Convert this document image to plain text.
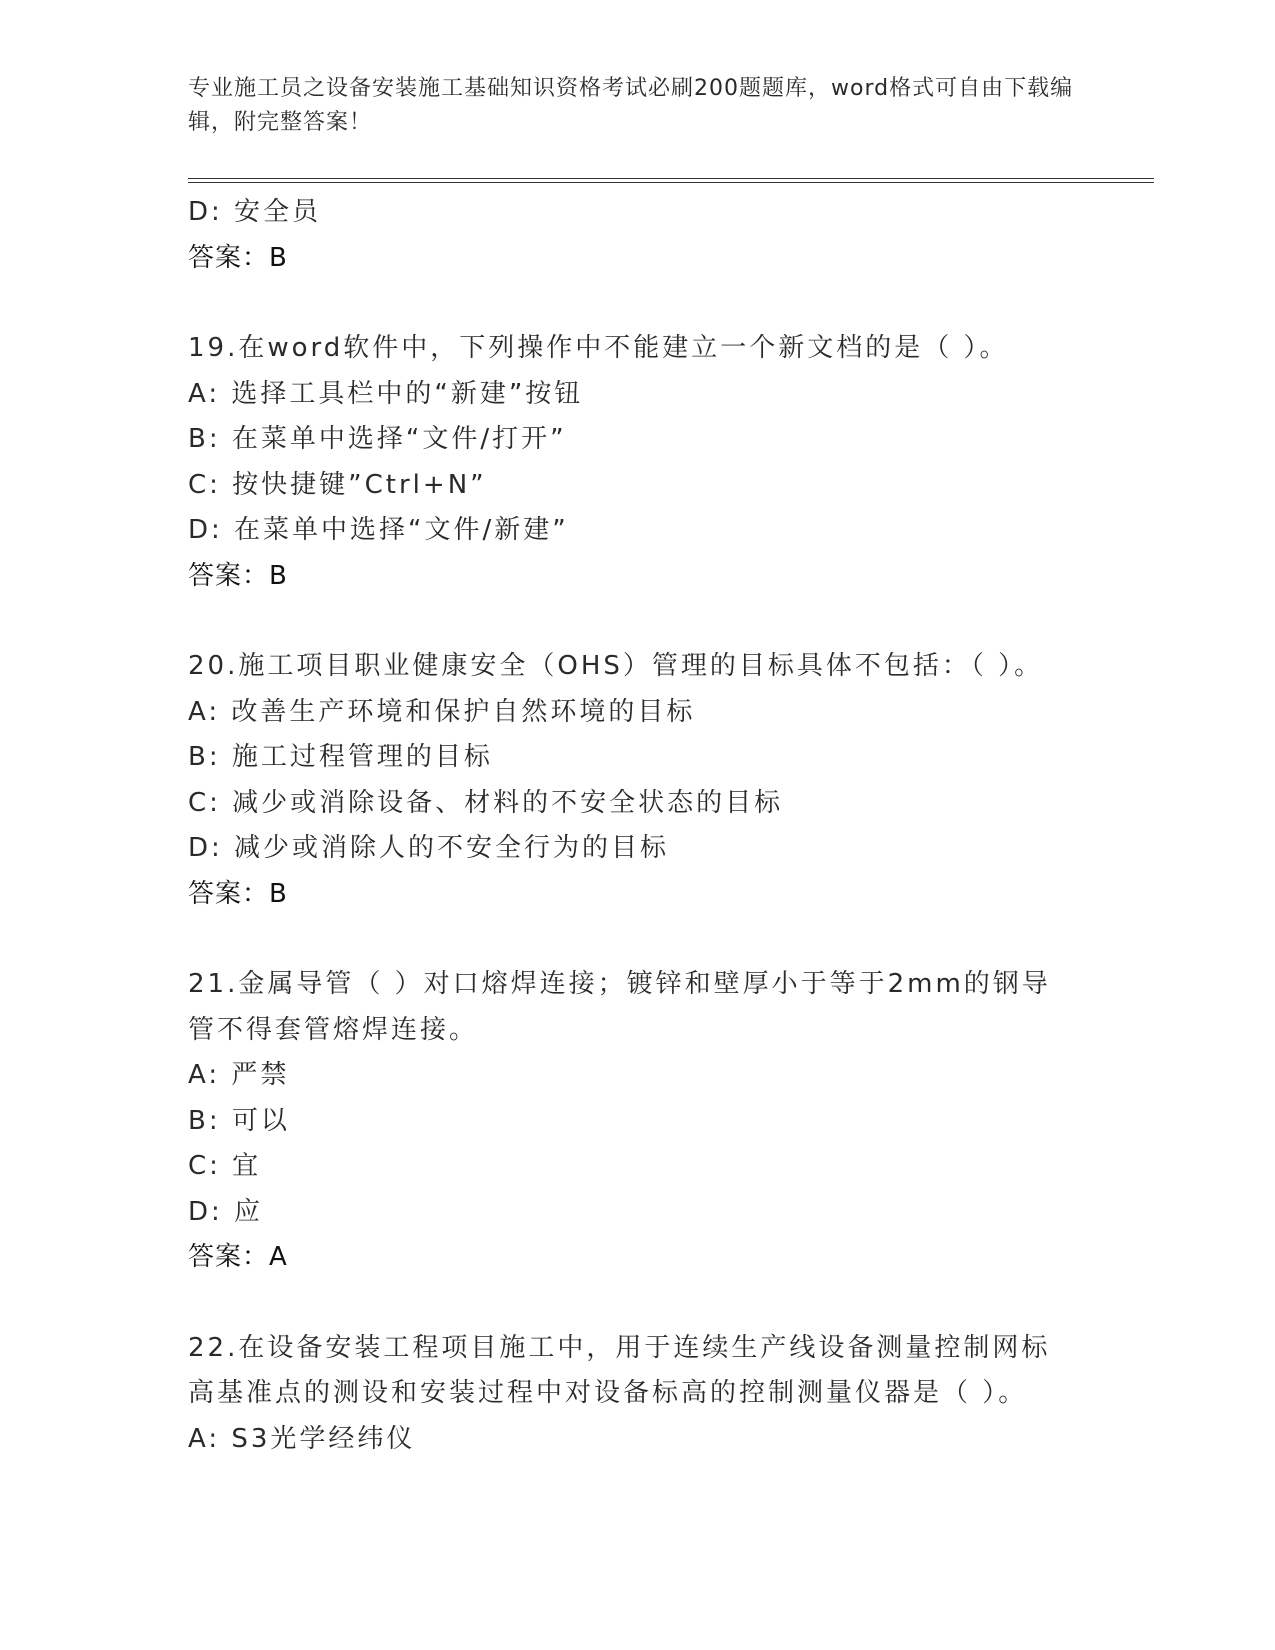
专业施工员之设备安装施工基础知识资格考试必刷200题题库，word格式可自由下载编辑，附完整答案！
D: 安全员
答案：B
19.在word软件中，下列操作中不能建立一个新文档的是（ ）。
A: 选择工具栏中的“新建”按钮
B: 在菜单中选择“文件/打开”
C: 按快捷键”Ctrl+N”
D: 在菜单中选择“文件/新建”
答案：B
20.施工项目职业健康安全（OHS）管理的目标具体不包括：（ ）。
A: 改善生产环境和保护自然环境的目标
B: 施工过程管理的目标
C: 减少或消除设备、材料的不安全状态的目标
D: 减少或消除人的不安全行为的目标
答案：B
21.金属导管（ ）对口熔焊连接；镀锌和壁厚小于等于2mm的钢导管不得套管熔焊连接。
A: 严禁
B: 可以
C: 宜
D: 应
答案：A
22.在设备安装工程项目施工中，用于连续生产线设备测量控制网标高基准点的测设和安装过程中对设备标高的控制测量仪器是（ ）。
A: S3光学经纬仪
